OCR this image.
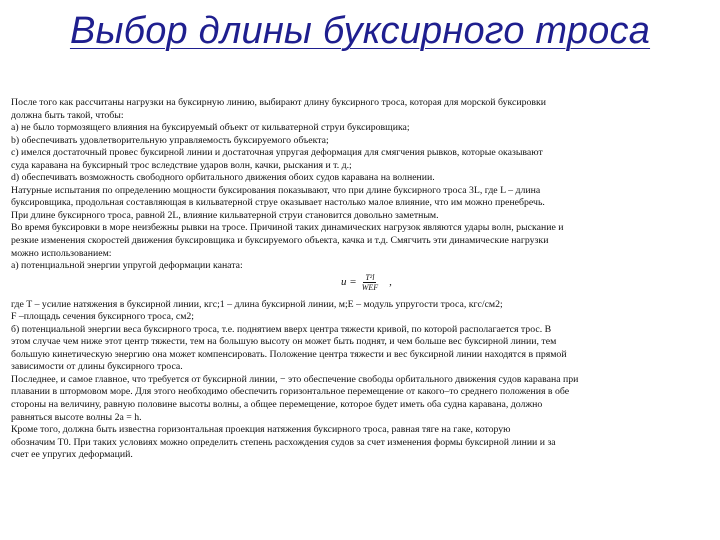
Выбор длины буксирного троса

После того как рассчитаны нагрузки на буксирную линию, выбирают длину буксирного троса, которая для морской буксировки

должна быть такой, чтобы:

а) не было тормозящего влияния на буксируемый объект от кильватерной струи буксировщика;

b) обеспечивать удовлетворительную управляемость буксируемого объекта;

c) имелся достаточный провес буксирной линии и достаточная упругая деформация для смягчения рывков, которые оказывают

суда каравана на буксирный трос вследствие ударов волн, качки, рыскания и т. д.;

d) обеспечивать возможность свободного орбитального движения обоих судов каравана на волнении.

Натурные испытания по определению мощности буксирования показывают, что при длине буксирного троса 3L, где L – длина

буксировщика, продольная составляющая в кильватерной струе оказывает настолько малое влияние, что им можно пренебречь.

При длине буксирного троса, равной 2L, влияние кильватерной струи становится довольно заметным.

Во время буксировки в море неизбежны рывки на тросе. Причиной таких динамических нагрузок являются удары волн, рыскание и

резкие изменения скоростей движения буксировщика и буксируемого объекта, качка и т.д. Смягчить эти динамические нагрузки

можно использованием:

а) потенциальной энергии упругой деформации каната:

$u = \frac{\text{T²l}}{\text{WEF}}$ ,

где T – усилие натяжения в буксирной линии, кгс;1 – длина буксирной линии, м;E – модуль упругости троса, кгс/см2;

F –площадь сечения буксирного троса, см2;

б) потенциальной энергии веса буксирного троса, т.е. поднятием вверх центра тяжести кривой, по которой располагается трос. В

этом случае чем ниже этот центр тяжести, тем на большую высоту он может быть поднят, и чем больше вес буксирной линии, тем

большую кинетическую энергию она может компенсировать. Положение центра тяжести и вес буксирной линии находятся в прямой

зависимости от длины буксирного троса.

Последнее, и самое главное, что требуется от буксирной линии, − это обеспечение свободы орбитального движения судов каравана при

плавании в штормовом море. Для этого необходимо обеспечить горизонтальное перемещение от какого–то среднего положения в обе

стороны на величину, равную половине высоты волны, а общее перемещение, которое будет иметь оба судна каравана, должно

равняться высоте волны 2а = h.

Кроме того, должна быть известна горизонтальная проекция натяжения буксирного троса, равная тяге на гаке, которую

обозначим Т0. При таких условиях можно определить степень расхождения судов за счет изменения формы буксирной линии и за

счет ее упругих деформаций.
